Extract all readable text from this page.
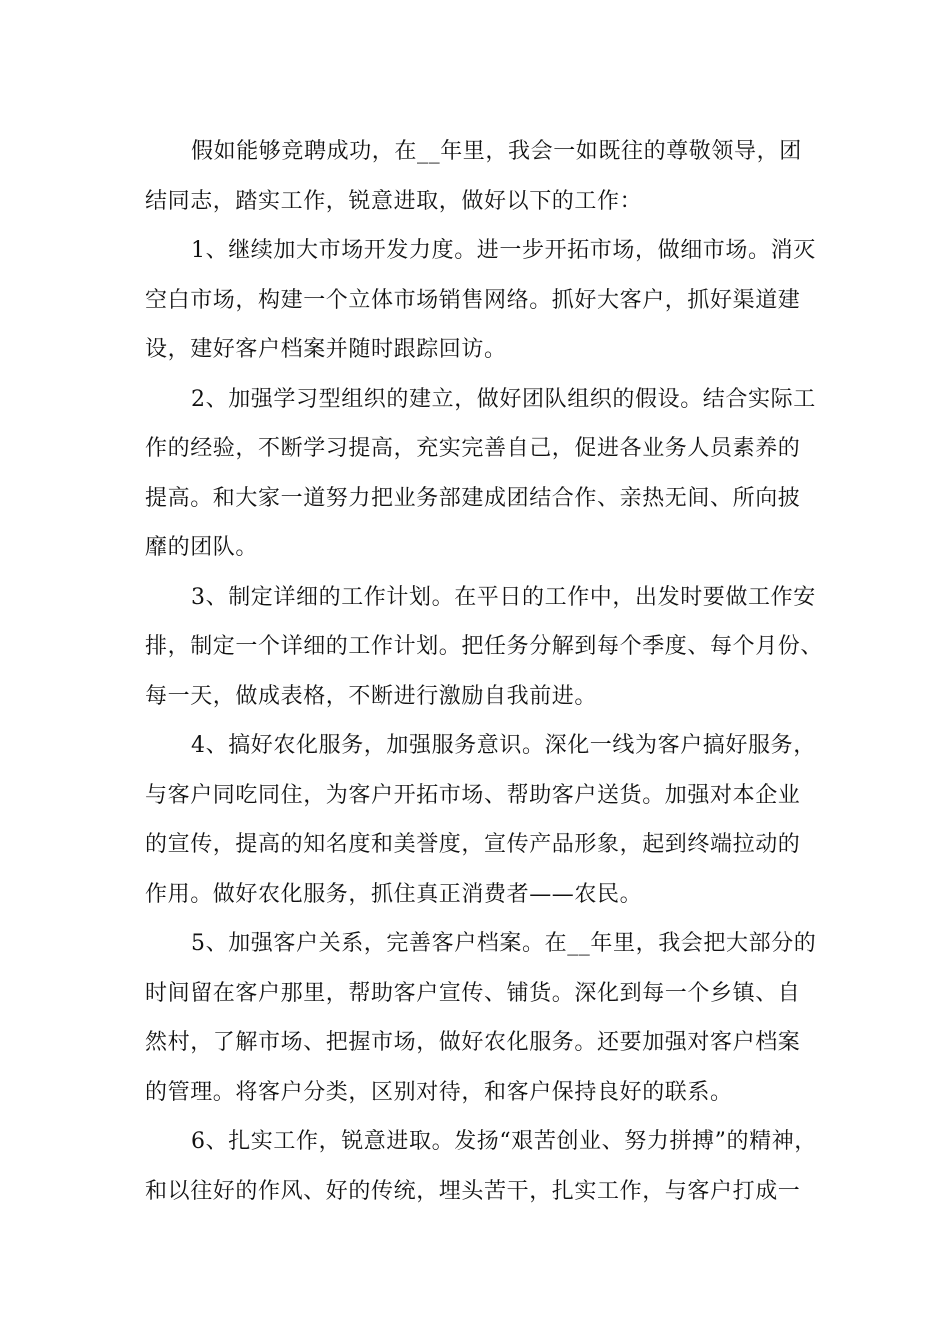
假如能够竞聘成功，在__年里，我会一如既往的尊敬领导，团
结同志，踏实工作，锐意进取，做好以下的工作：
1、继续加大市场开发力度。进一步开拓市场，做细市场。消灭
空白市场，构建一个立体市场销售网络。抓好大客户，抓好渠道建
设，建好客户档案并随时跟踪回访。
2、加强学习型组织的建立，做好团队组织的假设。结合实际工
作的经验，不断学习提高，充实完善自己，促进各业务人员素养的
提高。和大家一道努力把业务部建成团结合作、亲热无间、所向披
靡的团队。
3、制定详细的工作计划。在平日的工作中，出发时要做工作安
排，制定一个详细的工作计划。把任务分解到每个季度、每个月份、
每一天，做成表格，不断进行激励自我前进。
4、搞好农化服务，加强服务意识。深化一线为客户搞好服务，
与客户同吃同住，为客户开拓市场、帮助客户送货。加强对本企业
的宣传，提高的知名度和美誉度，宣传产品形象，起到终端拉动的
作用。做好农化服务，抓住真正消费者——农民。
5、加强客户关系，完善客户档案。在__年里，我会把大部分的
时间留在客户那里，帮助客户宣传、铺货。深化到每一个乡镇、自
然村，了解市场、把握市场，做好农化服务。还要加强对客户档案
的管理。将客户分类，区别对待，和客户保持良好的联系。
6、扎实工作，锐意进取。发扬“艰苦创业、努力拼搏”的精神，
和以往好的作风、好的传统，埋头苦干，扎实工作，与客户打成一
